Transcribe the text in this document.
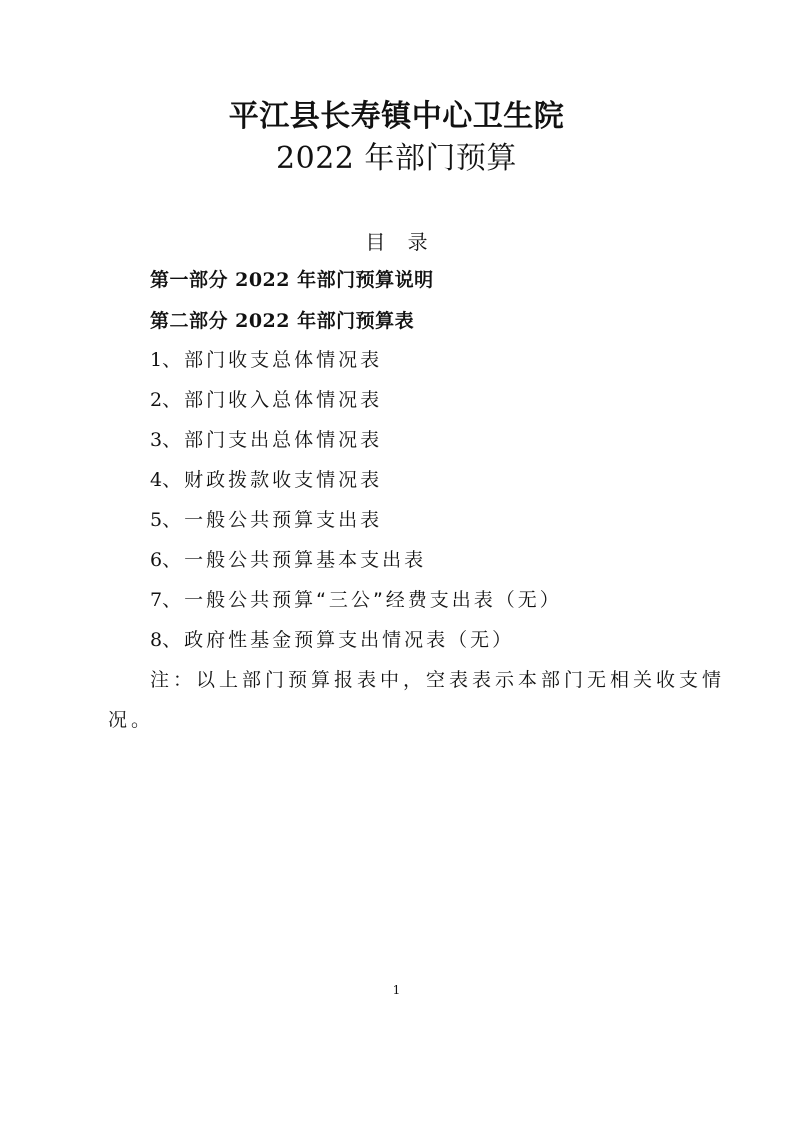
平江县长寿镇中心卫生院
2022 年部门预算
目 录
第一部分 2022 年部门预算说明
第二部分 2022 年部门预算表
1、部门收支总体情况表
2、部门收入总体情况表
3、部门支出总体情况表
4、财政拨款收支情况表
5、一般公共预算支出表
6、一般公共预算基本支出表
7、一般公共预算“三公”经费支出表（无）
8、政府性基金预算支出情况表（无）
注：以上部门预算报表中，空表表示本部门无相关收支情
况。
1
